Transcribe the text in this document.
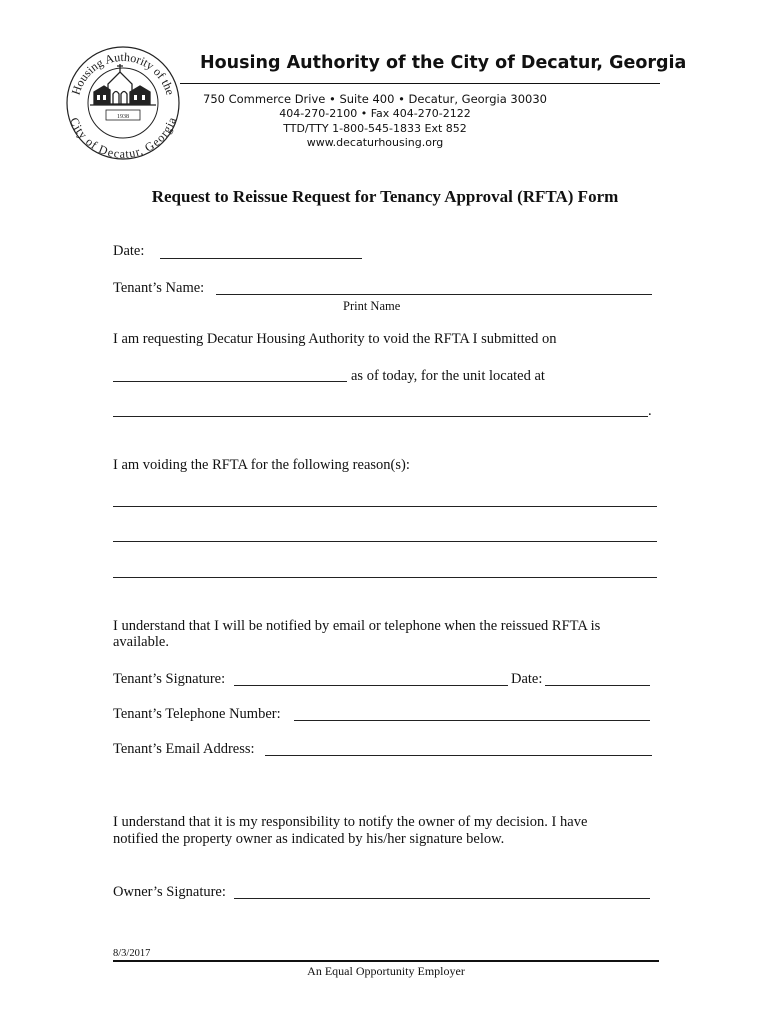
Housing Authority of the
City of Decatur, Georgia
1938
Housing Authority of the City of Decatur, Georgia
750 Commerce Drive • Suite 400 • Decatur, Georgia 30030
404-270-2100 • Fax 404-270-2122
TTD/TTY 1-800-545-1833 Ext 852
www.decaturhousing.org
Request to Reissue Request for Tenancy Approval (RFTA) Form
Date:
Tenant’s Name:
Print Name
I am requesting Decatur Housing Authority to void the RFTA I submitted on
as of today, for the unit located at
.
I am voiding the RFTA for the following reason(s):
I understand that I will be notified by email or telephone when the reissued RFTA is
available.
Tenant’s Signature:	Date:
Tenant’s Telephone Number:
Tenant’s Email Address:
I understand that it is my responsibility to notify the owner of my decision. I have
notified the property owner as indicated by his/her signature below.
Owner’s Signature:
8/3/2017
An Equal Opportunity Employer
